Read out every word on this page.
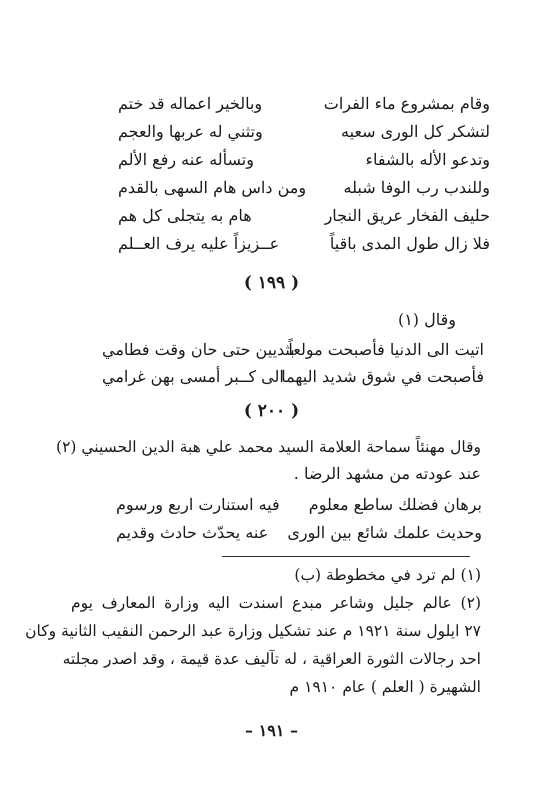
وقام بمشروع ماء الفرات
وبالخير اعماله قد ختم
لتشكر كل الورى سعيه
وتثني له عربها والعجم
وتدعو الأله بالشفاء
وتسأله عنه رفع الألم
وللندب رب الوفا شبله
ومن داس هام السهى بالقدم
حليف الفخار عريق النجار
هام به يتجلى كل هم
فلا زال طول المدى باقياً
عــزيزاً عليه يرف العــلم
( ١٩٩ )
وقال (١)
اتيت الى الدنيا فأصبحت مولعاً
بثديين حتى حان وقت فطامي
فأصبحت في شوق شديد اليهما
الى كــبر أمسى بهن غرامي
( ٢٠٠ )
وقال مهنئاً سماحة العلامة السيد محمد علي هبة الدين الحسيني (٢)
عند عودته من مشهد الرضا .
برهان فضلك ساطع معلوم
فيه استنارت اربع ورسوم
وحديث علمك شائع بين الورى
عنه يحدّث حادث وقديم
(١) لم ترد في مخطوطة (ب)
(٢) عالم جليل وشاعر مبدع اسندت اليه وزارة المعارف يوم
٢٧ ايلول سنة ١٩٢١ م عند تشكيل وزارة عبد الرحمن النقيب الثانية وكان
احد رجالات الثورة العراقية ، له تآليف عدة قيمة ، وقد اصدر مجلته
الشهيرة ( العلم ) عام ١٩١٠ م
– ١٩١ –
